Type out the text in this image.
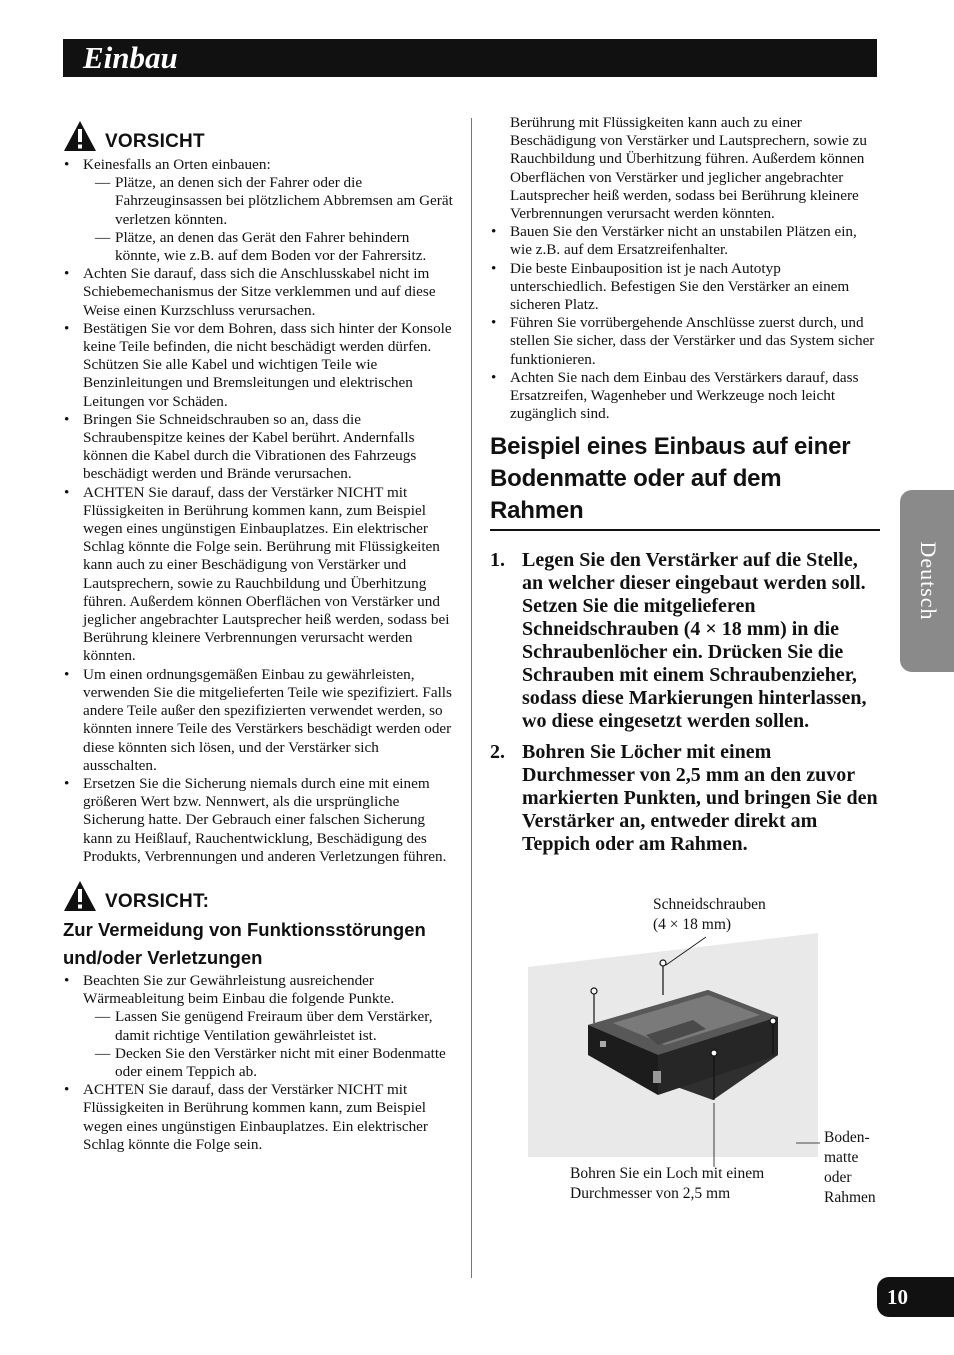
Einbau
VORSICHT
• Keinesfalls an Orten einbauen:
— Plätze, an denen sich der Fahrer oder die Fahrzeuginsassen bei plötzlichem Abbremsen am Gerät verletzen könnten.
— Plätze, an denen das Gerät den Fahrer behindern könnte, wie z.B. auf dem Boden vor der Fahrersitz.
• Achten Sie darauf, dass sich die Anschlusskabel nicht im Schiebemechanismus der Sitze verklemmen und auf diese Weise einen Kurzschluss verursachen.
• Bestätigen Sie vor dem Bohren, dass sich hinter der Konsole keine Teile befinden, die nicht beschädigt werden dürfen. Schützen Sie alle Kabel und wichtigen Teile wie Benzinleitungen und Bremsleitungen und elektrischen Leitungen vor Schäden.
• Bringen Sie Schneidschrauben so an, dass die Schraubenspitze keines der Kabel berührt. Andernfalls können die Kabel durch die Vibrationen des Fahrzeugs beschädigt werden und Brände verursachen.
• ACHTEN Sie darauf, dass der Verstärker NICHT mit Flüssigkeiten in Berührung kommen kann, zum Beispiel wegen eines ungünstigen Einbauplatzes. Ein elektrischer Schlag könnte die Folge sein. Berührung mit Flüssigkeiten kann auch zu einer Beschädigung von Verstärker und Lautsprechern, sowie zu Rauchbildung und Überhitzung führen. Außerdem können Oberflächen von Verstärker und jeglicher angebrachter Lautsprecher heiß werden, sodass bei Berührung kleinere Verbrennungen verursacht werden könnten.
• Um einen ordnungsgemäßen Einbau zu gewährleisten, verwenden Sie die mitgelieferten Teile wie spezifiziert. Falls andere Teile außer den spezifizierten verwendet werden, so könnten innere Teile des Verstärkers beschädigt werden oder diese könnten sich lösen, und der Verstärker sich ausschalten.
• Ersetzen Sie die Sicherung niemals durch eine mit einem größeren Wert bzw. Nennwert, als die ursprüngliche Sicherung hatte. Der Gebrauch einer falschen Sicherung kann zu Heißlauf, Rauchentwicklung, Beschädigung des Produkts, Verbrennungen und anderen Verletzungen führen.
VORSICHT:
Zur Vermeidung von Funktionsstörungen und/oder Verletzungen
• Beachten Sie zur Gewährleistung ausreichender Wärmeableitung beim Einbau die folgende Punkte.
— Lassen Sie genügend Freiraum über dem Verstärker, damit richtige Ventilation gewährleistet ist.
— Decken Sie den Verstärker nicht mit einer Bodenmatte oder einem Teppich ab.
• ACHTEN Sie darauf, dass der Verstärker NICHT mit Flüssigkeiten in Berührung kommen kann, zum Beispiel wegen eines ungünstigen Einbauplatzes. Ein elektrischer Schlag könnte die Folge sein.
Berührung mit Flüssigkeiten kann auch zu einer Beschädigung von Verstärker und Lautsprechern, sowie zu Rauchbildung und Überhitzung führen. Außerdem können Oberflächen von Verstärker und jeglicher angebrachter Lautsprecher heiß werden, sodass bei Berührung kleinere Verbrennungen verursacht werden könnten.
• Bauen Sie den Verstärker nicht an unstabilen Plätzen ein, wie z.B. auf dem Ersatzreifenhalter.
• Die beste Einbauposition ist je nach Autotyp unterschiedlich. Befestigen Sie den Verstärker an einem sicheren Platz.
• Führen Sie vorrübergehende Anschlüsse zuerst durch, und stellen Sie sicher, dass der Verstärker und das System sicher funktionieren.
• Achten Sie nach dem Einbau des Verstärkers darauf, dass Ersatzreifen, Wagenheber und Werkzeuge noch leicht zugänglich sind.
Beispiel eines Einbaus auf einer Bodenmatte oder auf dem Rahmen
1. Legen Sie den Verstärker auf die Stelle, an welcher dieser eingebaut werden soll. Setzen Sie die mitgelieferen Schneidschrauben (4 × 18 mm) in die Schraubenlöcher ein. Drücken Sie die Schrauben mit einem Schraubenzieher, sodass diese Markierungen hinterlassen, wo diese eingesetzt werden sollen.
2. Bohren Sie Löcher mit einem Durchmesser von 2,5 mm an den zuvor markierten Punkten, und bringen Sie den Verstärker an, entweder direkt am Teppich oder am Rahmen.
Schneidschrauben
(4 × 18 mm)
Bohren Sie ein Loch mit einem
Durchmesser von 2,5 mm
Boden-
matte
oder
Rahmen
Deutsch
10
